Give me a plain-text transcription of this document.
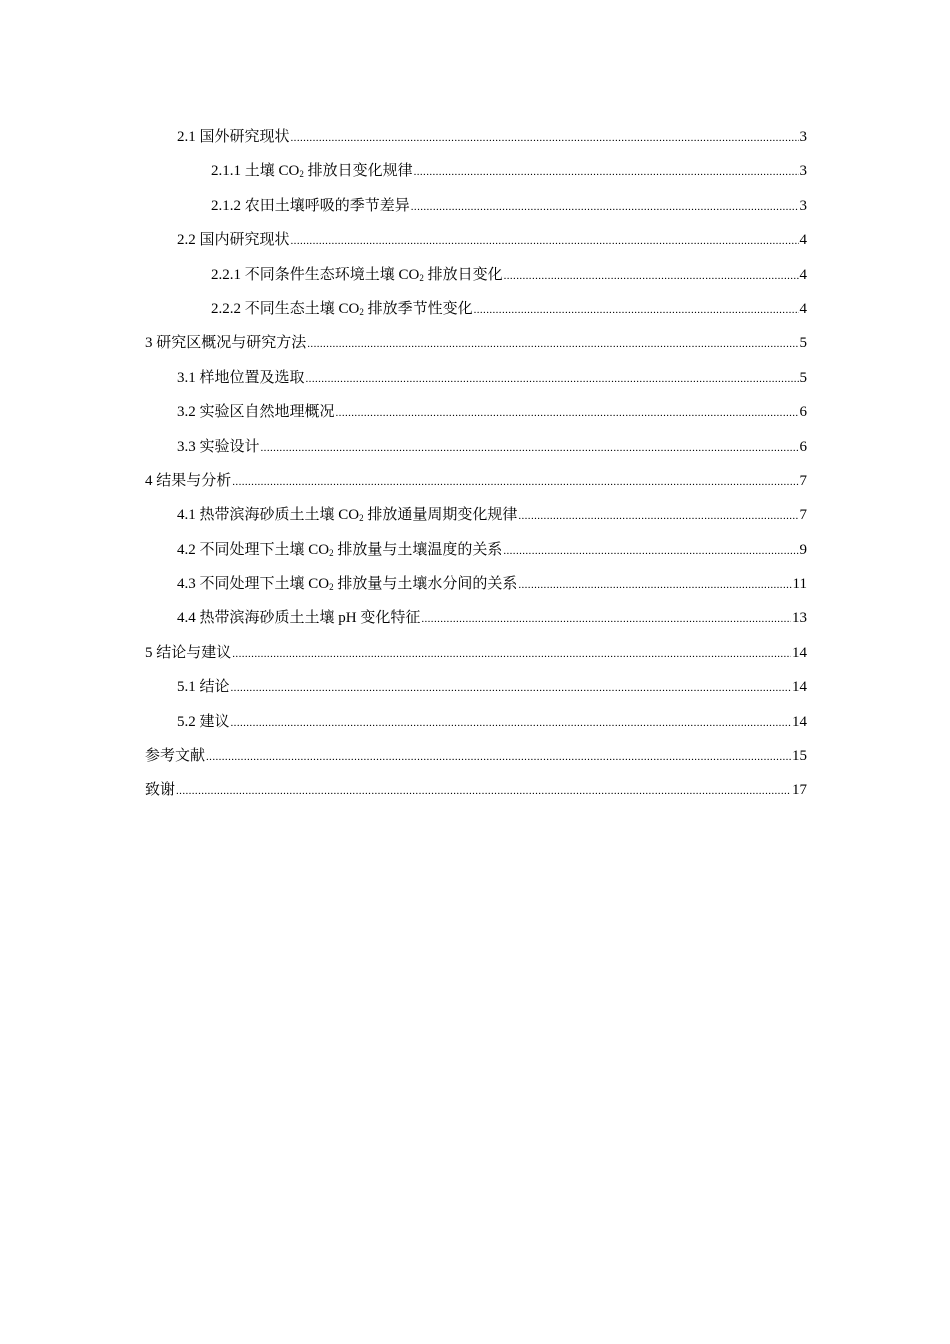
2.1 国外研究现状 .....	3
2.1.1 土壤 $CO_2$ 排放日变化规律 .....	3
2.1.2 农田土壤呼吸的季节差异 .....	3
2.2 国内研究现状 .....	4
2.2.1 不同条件生态环境土壤 $CO_2$ 排放日变化 .....	4
2.2.2 不同生态土壤 $CO_2$ 排放季节性变化 .....	4
3 研究区概况与研究方法 .....	5
3.1 样地位置及选取 .....	5
3.2 实验区自然地理概况 .....	6
3.3 实验设计 .....	6
4 结果与分析 .....	7
4.1 热带滨海砂质土土壤 $CO_2$ 排放通量周期变化规律 .....	7
4.2 不同处理下土壤 $CO_2$ 排放量与土壤温度的关系 .....	9
4.3 不同处理下土壤 $CO_2$ 排放量与土壤水分间的关系 .....	11
4.4 热带滨海砂质土土壤 pH 变化特征 .....	13
5 结论与建议 .....	14
5.1 结论 .....	14
5.2 建议 .....	14
参考文献 .....	15
致谢 .....	17
